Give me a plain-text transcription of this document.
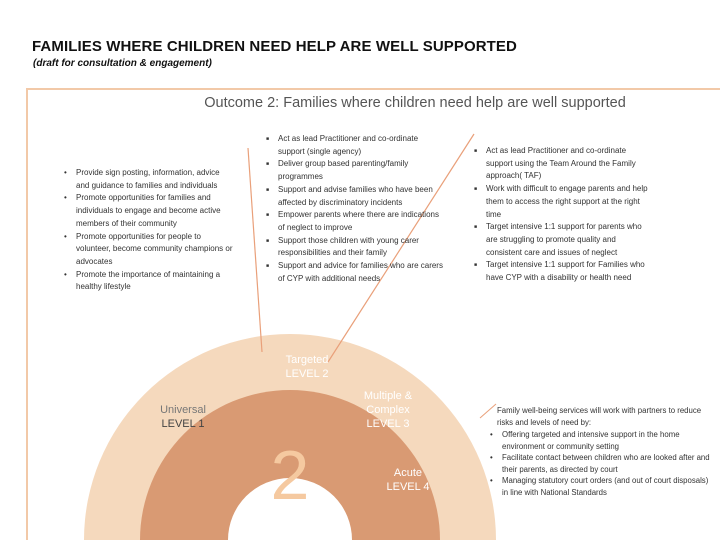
FAMILIES WHERE CHILDREN NEED HELP ARE WELL SUPPORTED
(draft for consultation & engagement)
Outcome 2: Families where children need help are well supported
• Provide sign posting, information, advice and guidance to families and individuals
• Promote opportunities for families and individuals to engage and become active members of their community
• Promote opportunities for people to volunteer, become community champions or advocates
• Promote the importance of maintaining a healthy lifestyle
■ Act as lead Practitioner and co-ordinate support (single agency)
■ Deliver group based parenting/family programmes
■ Support and advise families who have been affected by discriminatory incidents
■ Empower parents where there are indications of neglect to improve
■ Support those children with young carer responsibilities and their family
■ Support and advice for families who are carers of CYP with additional needs
■ Act as lead Practitioner and co-ordinate support using the Team Around the Family approach( TAF)
■ Work with difficult to engage parents and help them to access the right support at the right time
■ Target intensive 1:1 support for parents who are struggling to promote quality and consistent care and issues of neglect
■ Target intensive 1:1 support for Families who have CYP with a disability or health need
Targeted
LEVEL 2
Universal
LEVEL 1
Multiple & Complex
LEVEL 3
Acute
LEVEL 4
2
Family well-being services will work with partners to reduce risks and levels of need by:
• Offering targeted and intensive support in the home environment or community setting
• Facilitate contact between children who are looked after and their parents, as directed by court
• Managing statutory court orders (and out of court disposals) in line with National Standards
